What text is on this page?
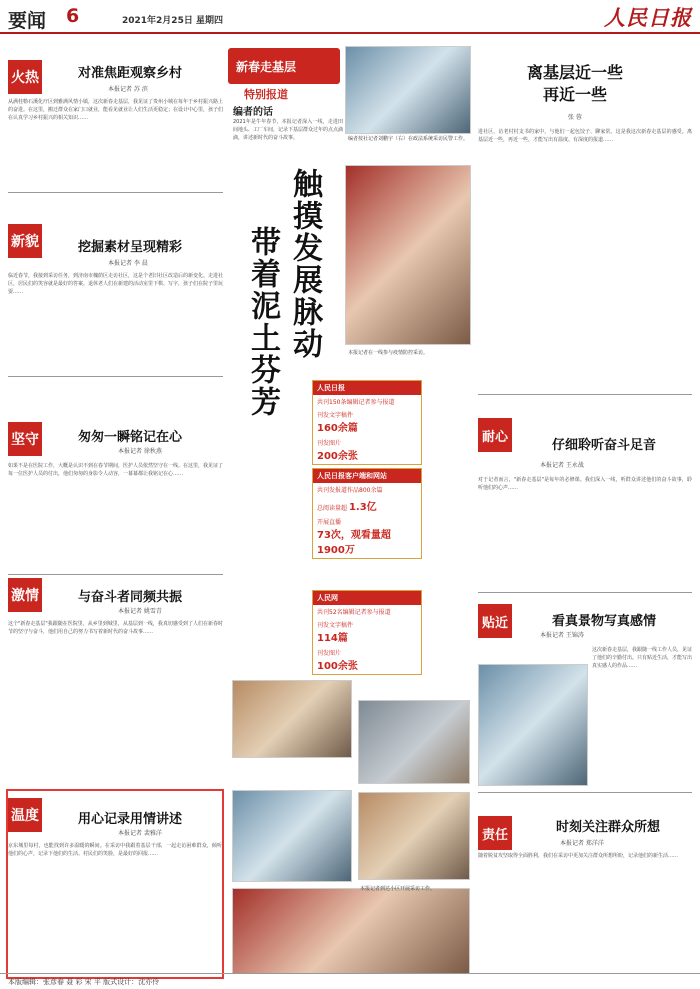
要闻 6	2021年2月25日 星期四	人民日报
火热	对准焦距观察乡村
本报记者 苏 滨
从满桂勒石溪化疗区到雅满风情小镇，这次新春走基层，我见证了贵州小城在每年于乡村振兴路上的奋进。在这里，搬迁群众在家门口就业，能看见就业让人们生活更稳定；在设计中心里，孩子们在认真学习乡村振兴的相关知识……
新貌	挖掘素材呈现精彩
本报记者 李 晨
临近春节，我接到采访任务，到济南市槐荫区走访社区，这是个老旧社区改造后的新变化。走进社区，居民们的笑容就是最好的答案。退休老人们在新建的活动室里下棋、写字，孩子们在院子里玩耍……
坚守	匆匆一瞬铭记在心
本报记者 徐秋燕
如果不是在医院工作，大概是认识不到在春节期间，医护人员依然坚守在一线。在这里，我见证了每一位医护人员的付出，他们匆匆的身影令人动容，一幕幕都让我铭记在心……
激情	与奋斗者同频共振
本报记者 姚雪青
这个"新春走基层"我跟随在医院里，从乡里到城里，从基层到一线，我真切感受到了人们在新春时节的坚守与奋斗，他们用自己的努力书写着新时代的奋斗故事……
温度	用心记录用情讲述
本报记者 裴雅洋
京东城里每村，也能找到许多温暖的瞬间。在采访中我跟着基层干部，一起走访困难群众，倾听他们的心声，记录下他们的生活。村民们的笑脸，是最好的回报……
新春走基层
特别报道
编者的话
2021年是牛年春节，本报记者深入一线，走进田间地头、工厂车间，记录下基层群众过年的点点滴滴，讲述新时代的奋斗故事。	编者按社记者刘鹏宇（右）在政法系统采访民警工作。
本报记者在一线参与疫情防控采访。
触摸发展脉动
带着泥土芬芳	人民日报
共刊150条编辑记者参与报道
刊发文字稿件
160余篇
刊发图片
200余张
人民日报客户端和网站
共刊发报道作品800余篇
总阅读量超 1.3亿
开展直播
73次，观看量超1900万
人民网
共刊52名编辑记者参与报道
刊发文字稿件
114篇
刊发图片
100余张
本报记者到达小区开展采访工作。
离基层近一些
再近一些
张 蓉
进社区，访老村村支书的家中，与他们一起包饺子、聊家常。这是我这次新春走基层的感受。离基层近一些，再近一些，才能写出有温度、有深度的报道……
耐心
仔细聆听奋斗足音
本报记者 王永战
对于记者而言，"新春走基层"是每年的必修课。我们深入一线，听群众讲述他们的奋斗故事，聆听他们的心声……
贴近	看真景物写真感情
本报记者 王锦涛
这次新春走基层，我跟随一线工作人员，见证了他们的辛勤付出。只有贴近生活，才能写出真实感人的作品……
责任	时刻关注群众所想
本报记者 郑洋洋
随着脱贫攻坚取得全面胜利，我们在采访中更加关注群众所想所盼，记录他们的新生活……
本版编辑：张彦春 聂 彩 宋 平 版式设计：沈亦伶
